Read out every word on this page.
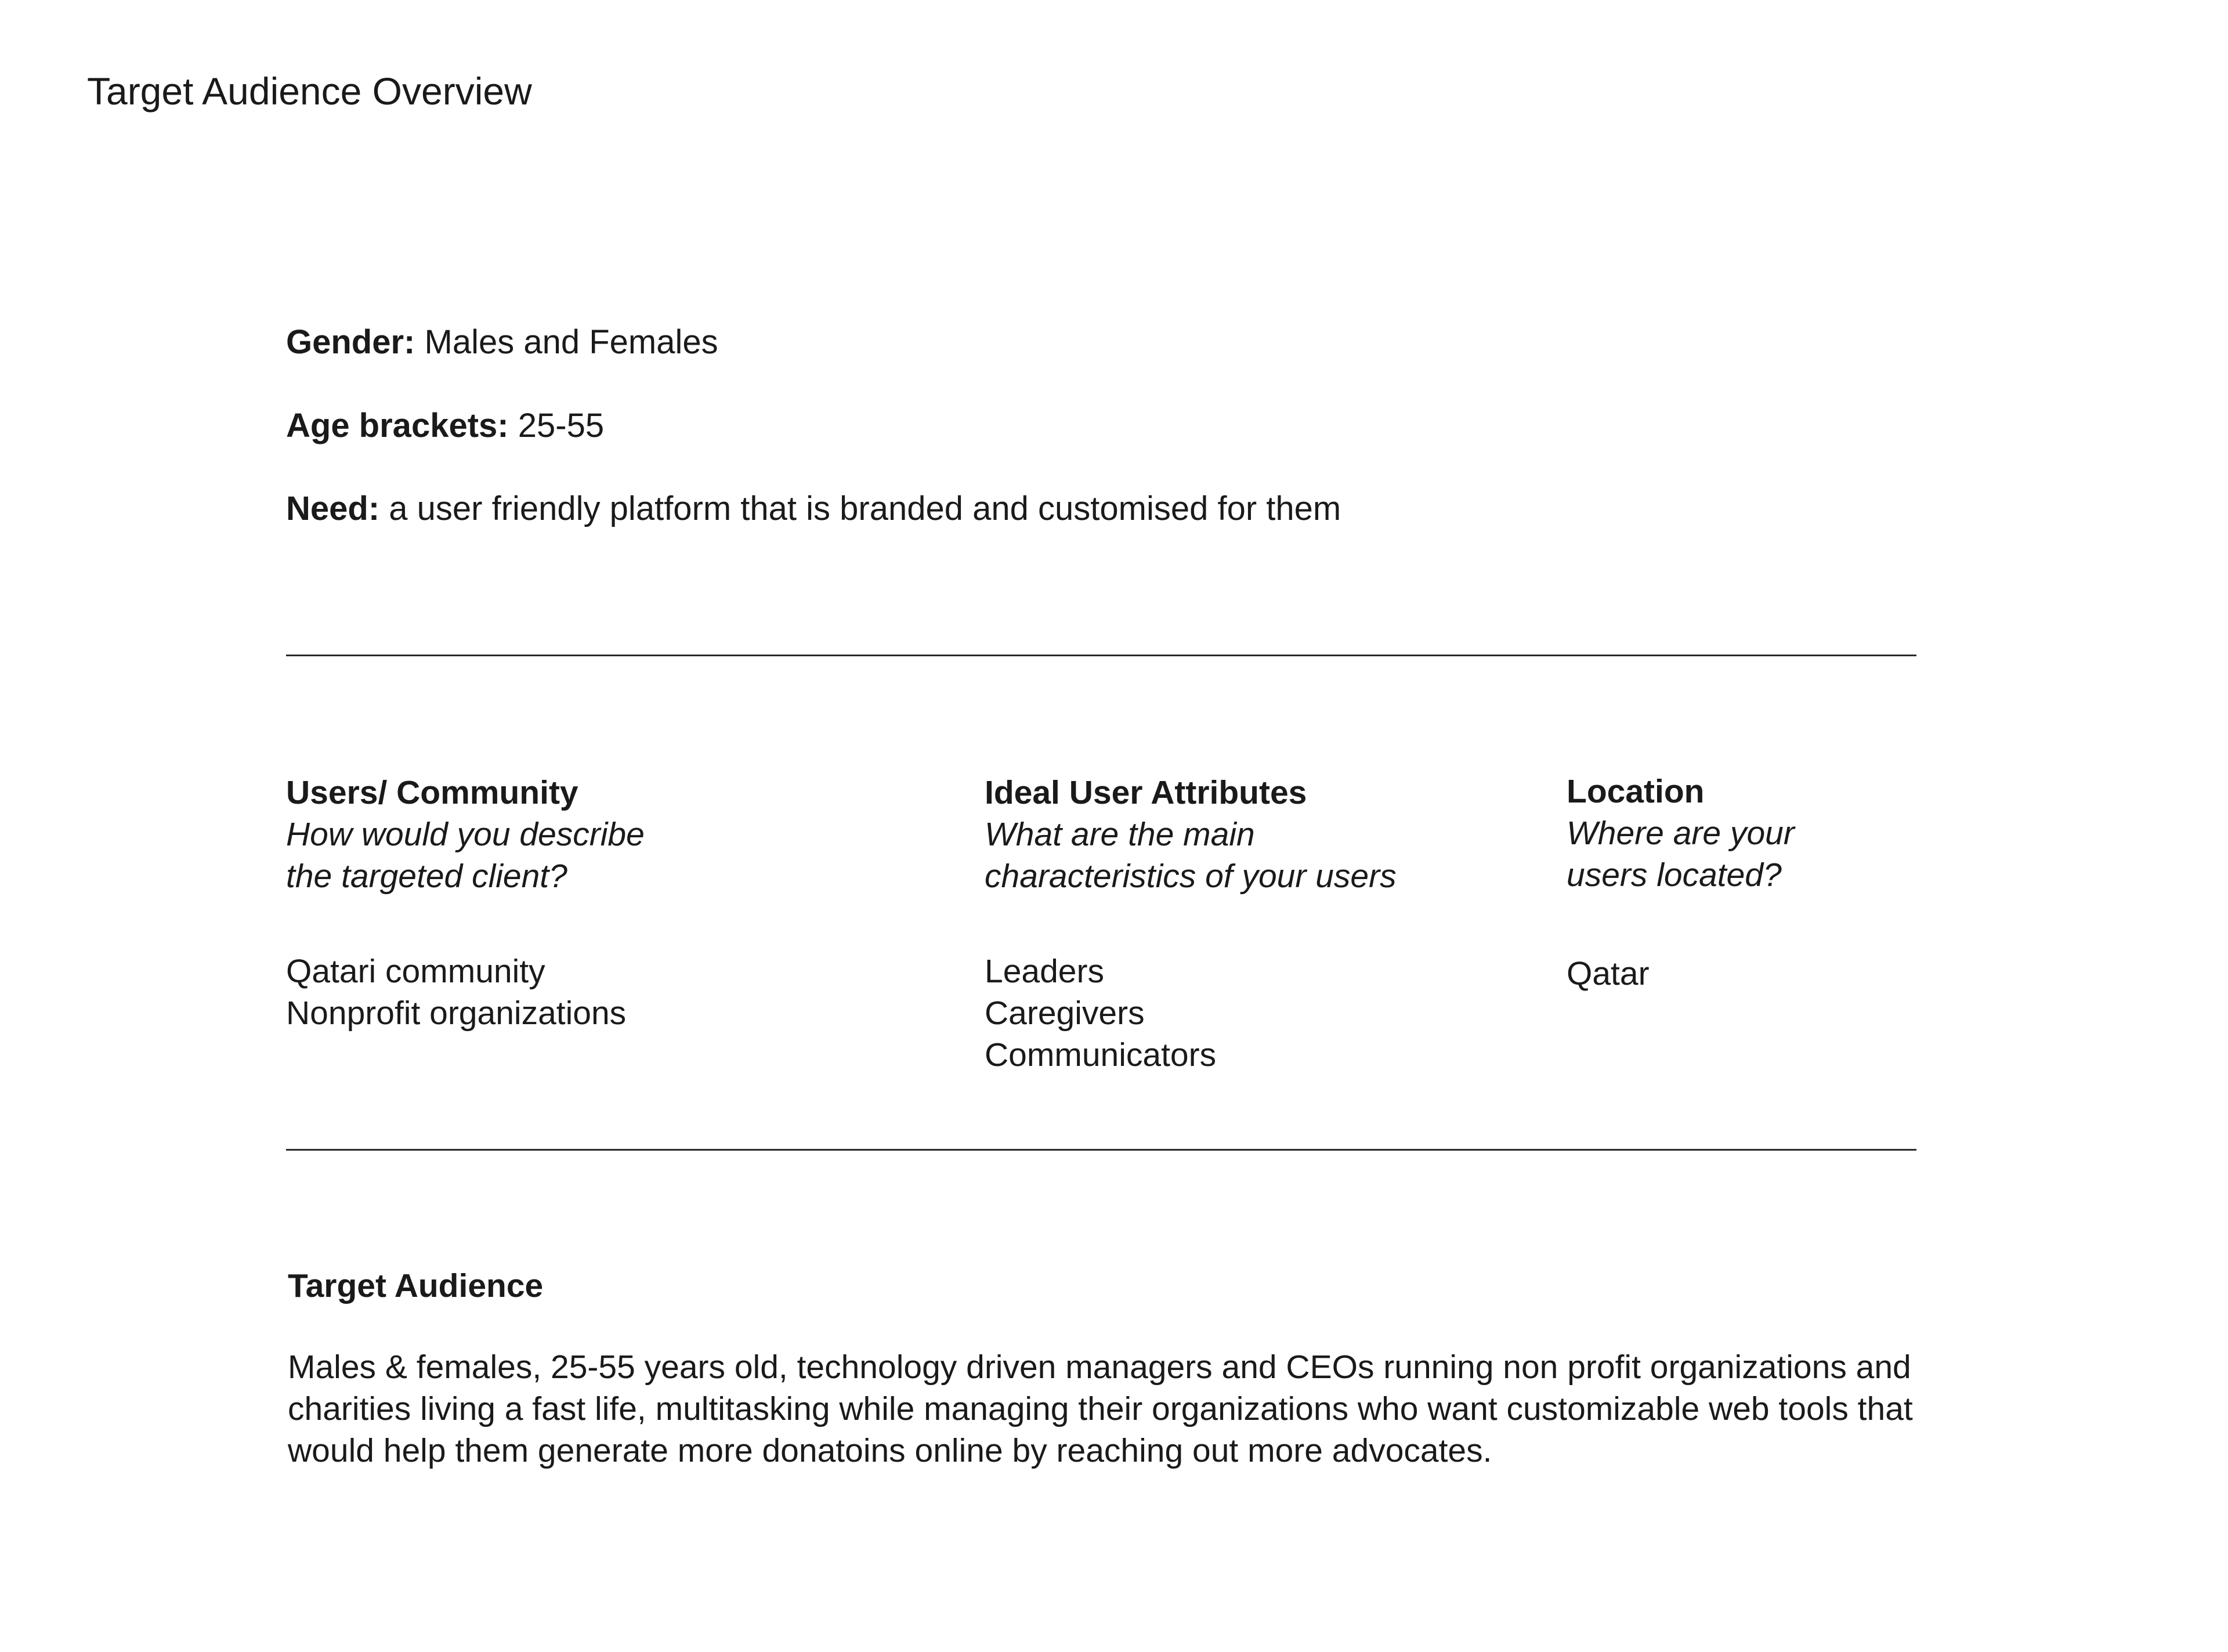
Target Audience Overview

Gender: Males and Females

Age brackets: 25-55

Need: a user friendly platform that is branded and customised for them

Users/ Community

How would you describe
the targeted client?

Qatari community
Nonprofit organizations

Ideal User Attributes

What are the main
characteristics of your users

Leaders
Caregivers
Communicators

Location

Where are your
users located?

Qatar

Target Audience

Males & females, 25-55 years old, technology driven managers and CEOs running non profit organizations and
charities living a fast life, multitasking while managing their organizations who want customizable web tools that
would help them generate more donatoins online by reaching out more advocates.
